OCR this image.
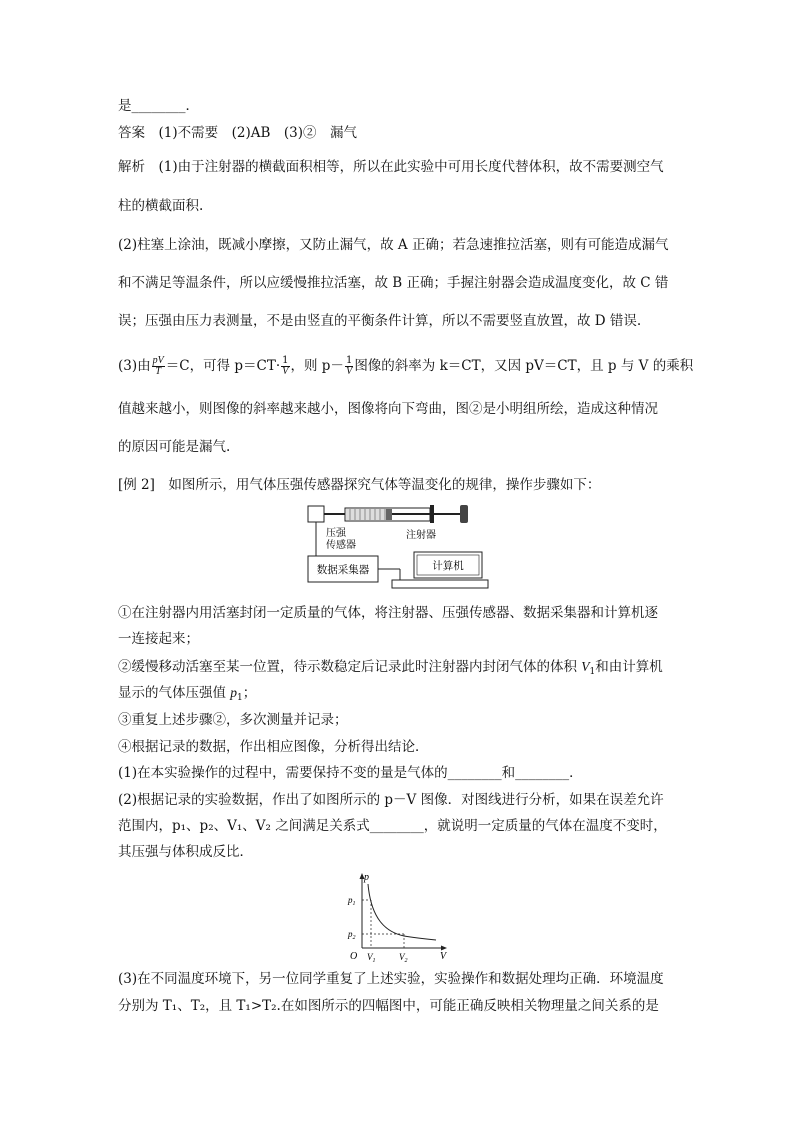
是________．
答案　 (1)不需要　(2)AB　(3)②　漏气
解析　 (1)由于注射器的横截面积相等，所以在此实验中可用长度代替体积，故不需要测空气
柱的横截面积.
(2)柱塞上涂油，既减小摩擦，又防止漏气，故 A 正确；若急速推拉活塞，则有可能造成漏气
和不满足等温条件，所以应缓慢推拉活塞，故 B 正确；手握注射器会造成温度变化，故 C 错
误；压强由压力表测量，不是由竖直的平衡条件计算，所以不需要竖直放置，故 D 错误.
(3)由 $\frac{pV}{T} =C$，可得 $p=CT\cdot \frac{1}{V}$ ，则 $p- \frac{1}{V}$ 图像的斜率为 k＝CT，又因 pV＝CT，且 p 与 V 的乘积
值越来越小，则图像的斜率越来越小，图像将向下弯曲，图②是小明组所绘，造成这种情况
的原因可能是漏气.
[例 2]　 如图所示，用气体压强传感器探究气体等温变化的规律，操作步骤如下：
压强
传感器
注射器
数据采集器	计算机
①在注射器内用活塞封闭一定质量的气体，将注射器、压强传感器、数据采集器和计算机逐
一连接起来；
②缓慢移动活塞至某一位置，待示数稳定后记录此时注射器内封闭气体的体积 $V_1$和由计算机
显示的气体压强值 $p_1$；
③重复上述步骤②，多次测量并记录；
④根据记录的数据，作出相应图像，分析得出结论．
(1)在本实验操作的过程中，需要保持不变的量是气体的________和________．
(2)根据记录的实验数据，作出了如图所示的 p－V 图像．对图线进行分析，如果在误差允许
范围内，p₁、p₂、V₁、V₂ 之间满足关系式________，就说明一定质量的气体在温度不变时，
其压强与体积成反比．
p
V
O
$p_1$
$p_2$
$V_1$	$V_2$
(3)在不同温度环境下，另一位同学重复了上述实验，实验操作和数据处理均正确．环境温度
分别为 T₁、T₂，且 T₁>T₂.在如图所示的四幅图中，可能正确反映相关物理量之间关系的是
